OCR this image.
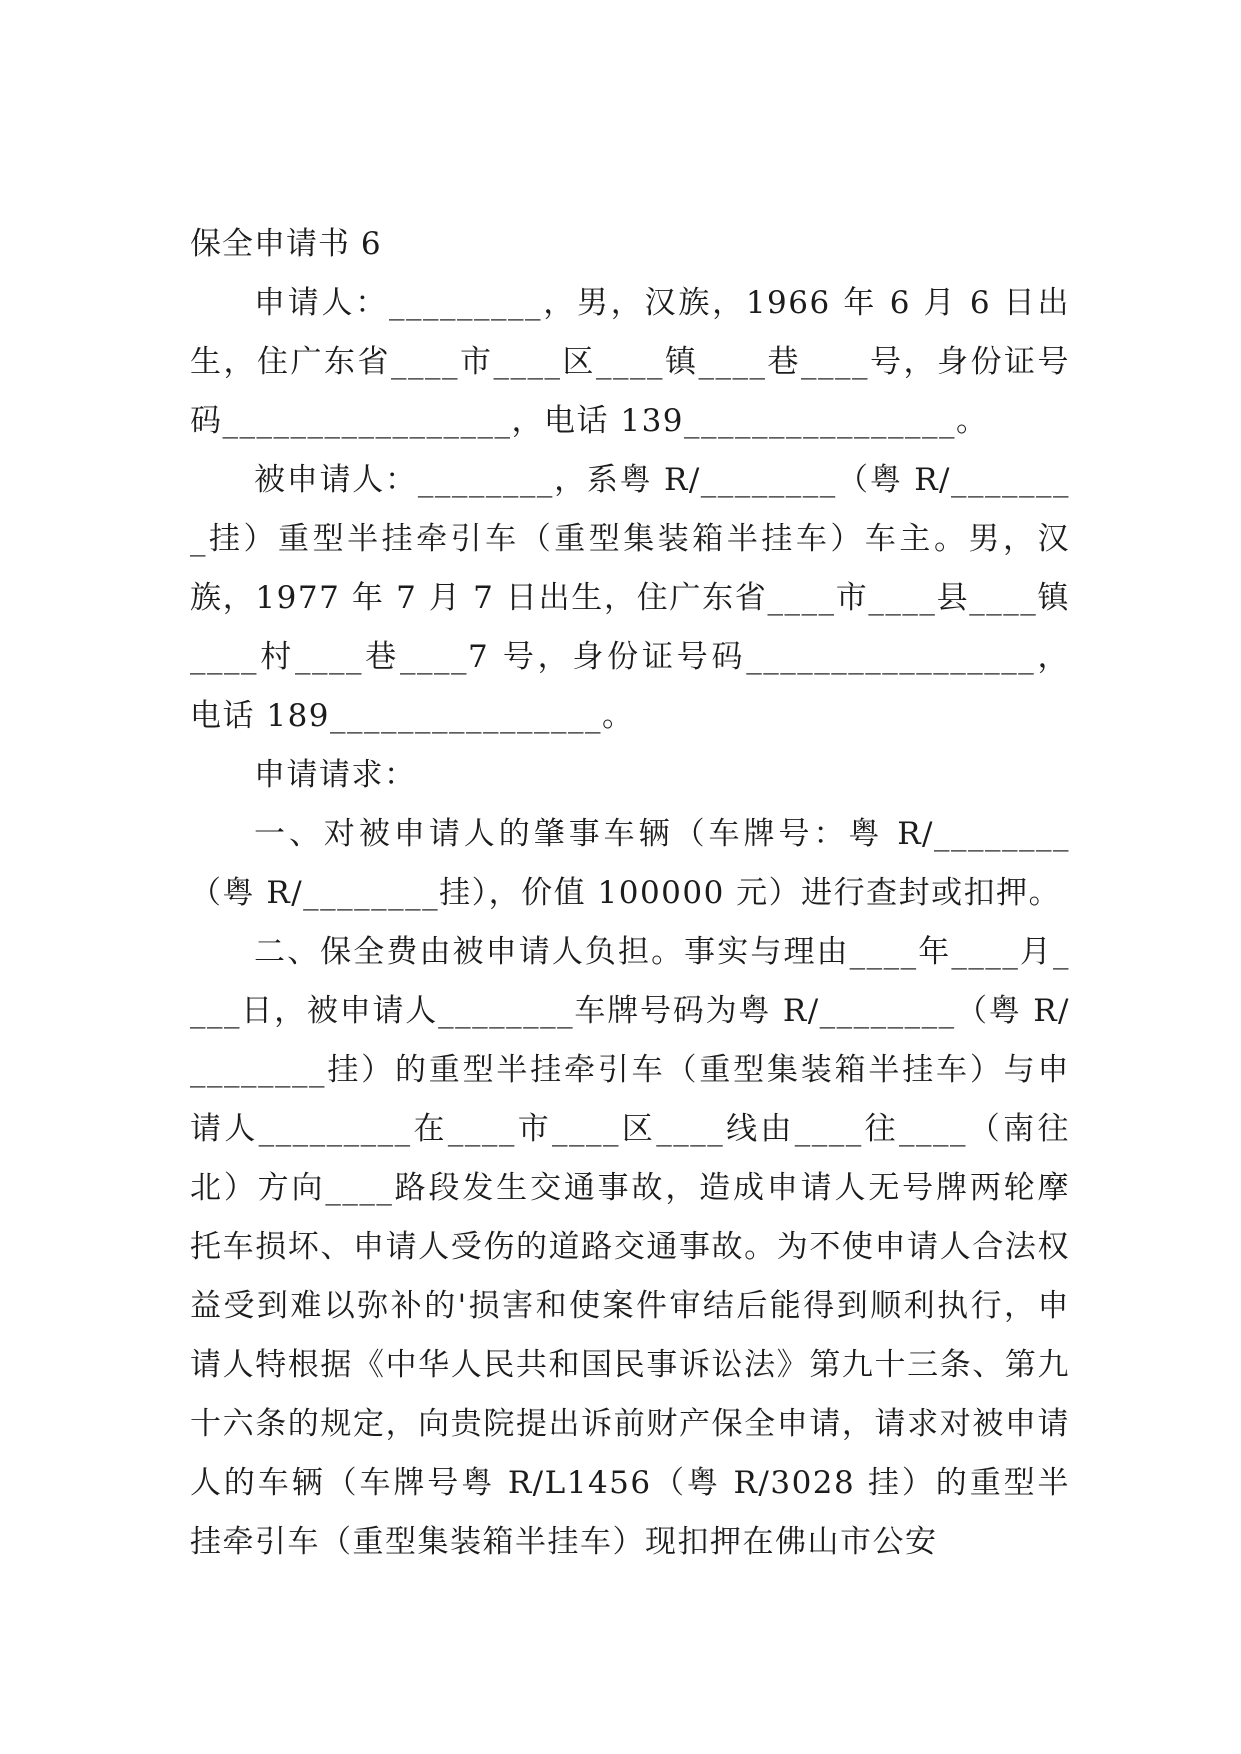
保全申请书 6

申请人：_________，男，汉族，1966 年 6 月 6 日出生，住广东省____市____区____镇____巷____号，身份证号码_________________，电话 139________________。

被申请人：________，系粤 R/________（粤 R/________挂）重型半挂牵引车（重型集装箱半挂车）车主。男，汉族，1977 年 7 月 7 日出生，住广东省____市____县____镇____村____巷____7 号，身份证号码_________________，电话 189________________。

申请请求：

一、对被申请人的肇事车辆（车牌号：粤 R/________（粤 R/________挂），价值 100000 元）进行查封或扣押。

二、保全费由被申请人负担。事实与理由____年____月____日，被申请人________车牌号码为粤 R/________（粤 R/________挂）的重型半挂牵引车（重型集装箱半挂车）与申请人_________在____市____区____线由____往____（南往北）方向____路段发生交通事故，造成申请人无号牌两轮摩托车损坏、申请人受伤的道路交通事故。为不使申请人合法权益受到难以弥补的'损害和使案件审结后能得到顺利执行，申请人特根据《中华人民共和国民事诉讼法》第九十三条、第九十六条的规定，向贵院提出诉前财产保全申请，请求对被申请人的车辆（车牌号粤 R/L1456（粤 R/3028 挂）的重型半挂牵引车（重型集装箱半挂车）现扣押在佛山市公安
